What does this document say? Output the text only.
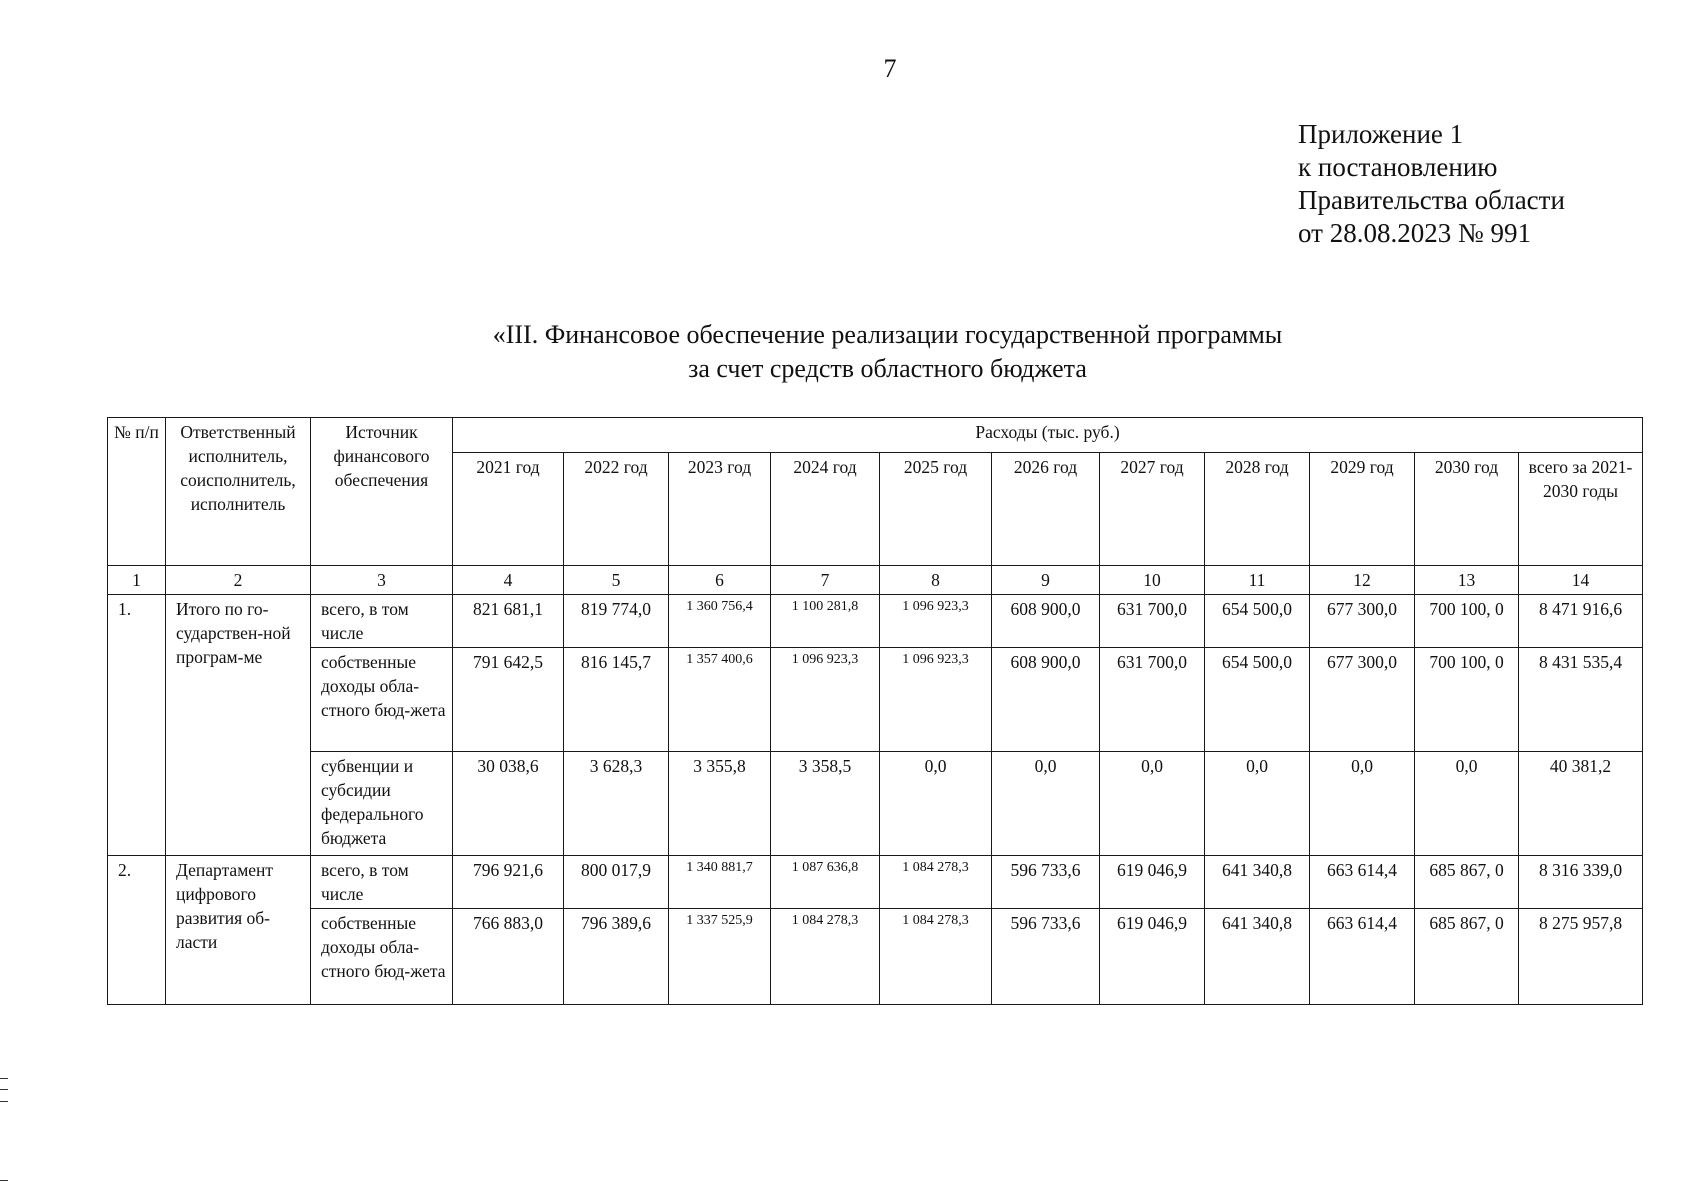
7
Приложение 1
к постановлению
Правительства области
от 28.08.2023 № 991
«III. Финансовое обеспечение реализации государственной программы
за счет средств областного бюджета
№ п/п	Ответственный исполнитель, соисполнитель, исполнитель	Источник финансового обеспечения	Расходы (тыс. руб.)										
			2021 год	2022 год	2023 год	2024 год	2025 год	2026 год	2027 год	2028 год	2029 год	2030 год	всего за 2021-2030 годы
1	2	3	4	5	6	7	8	9	10	11	12	13	14
1.	Итого по го-сударствен-ной програм-ме	всего, в том числе	821 681,1	819 774,0	1 360 756,4	1 100 281,8	1 096 923,3	608 900,0	631 700,0	654 500,0	677 300,0	700 100, 0	8 471 916,6
		собственные доходы обла-стного бюд-жета	791 642,5	816 145,7	1 357 400,6	1 096 923,3	1 096 923,3	608 900,0	631 700,0	654 500,0	677 300,0	700 100, 0	8 431 535,4
		субвенции и субсидии федерального бюджета	30 038,6	3 628,3	3 355,8	3 358,5	0,0	0,0	0,0	0,0	0,0	0,0	40 381,2
2.	Департамент цифрового развития об-ласти	всего, в том числе	796 921,6	800 017,9	1 340 881,7	1 087 636,8	1 084 278,3	596 733,6	619 046,9	641 340,8	663 614,4	685 867, 0	8 316 339,0
		собственные доходы обла-стного бюд-жета	766 883,0	796 389,6	1 337 525,9	1 084 278,3	1 084 278,3	596 733,6	619 046,9	641 340,8	663 614,4	685 867, 0	8 275 957,8
